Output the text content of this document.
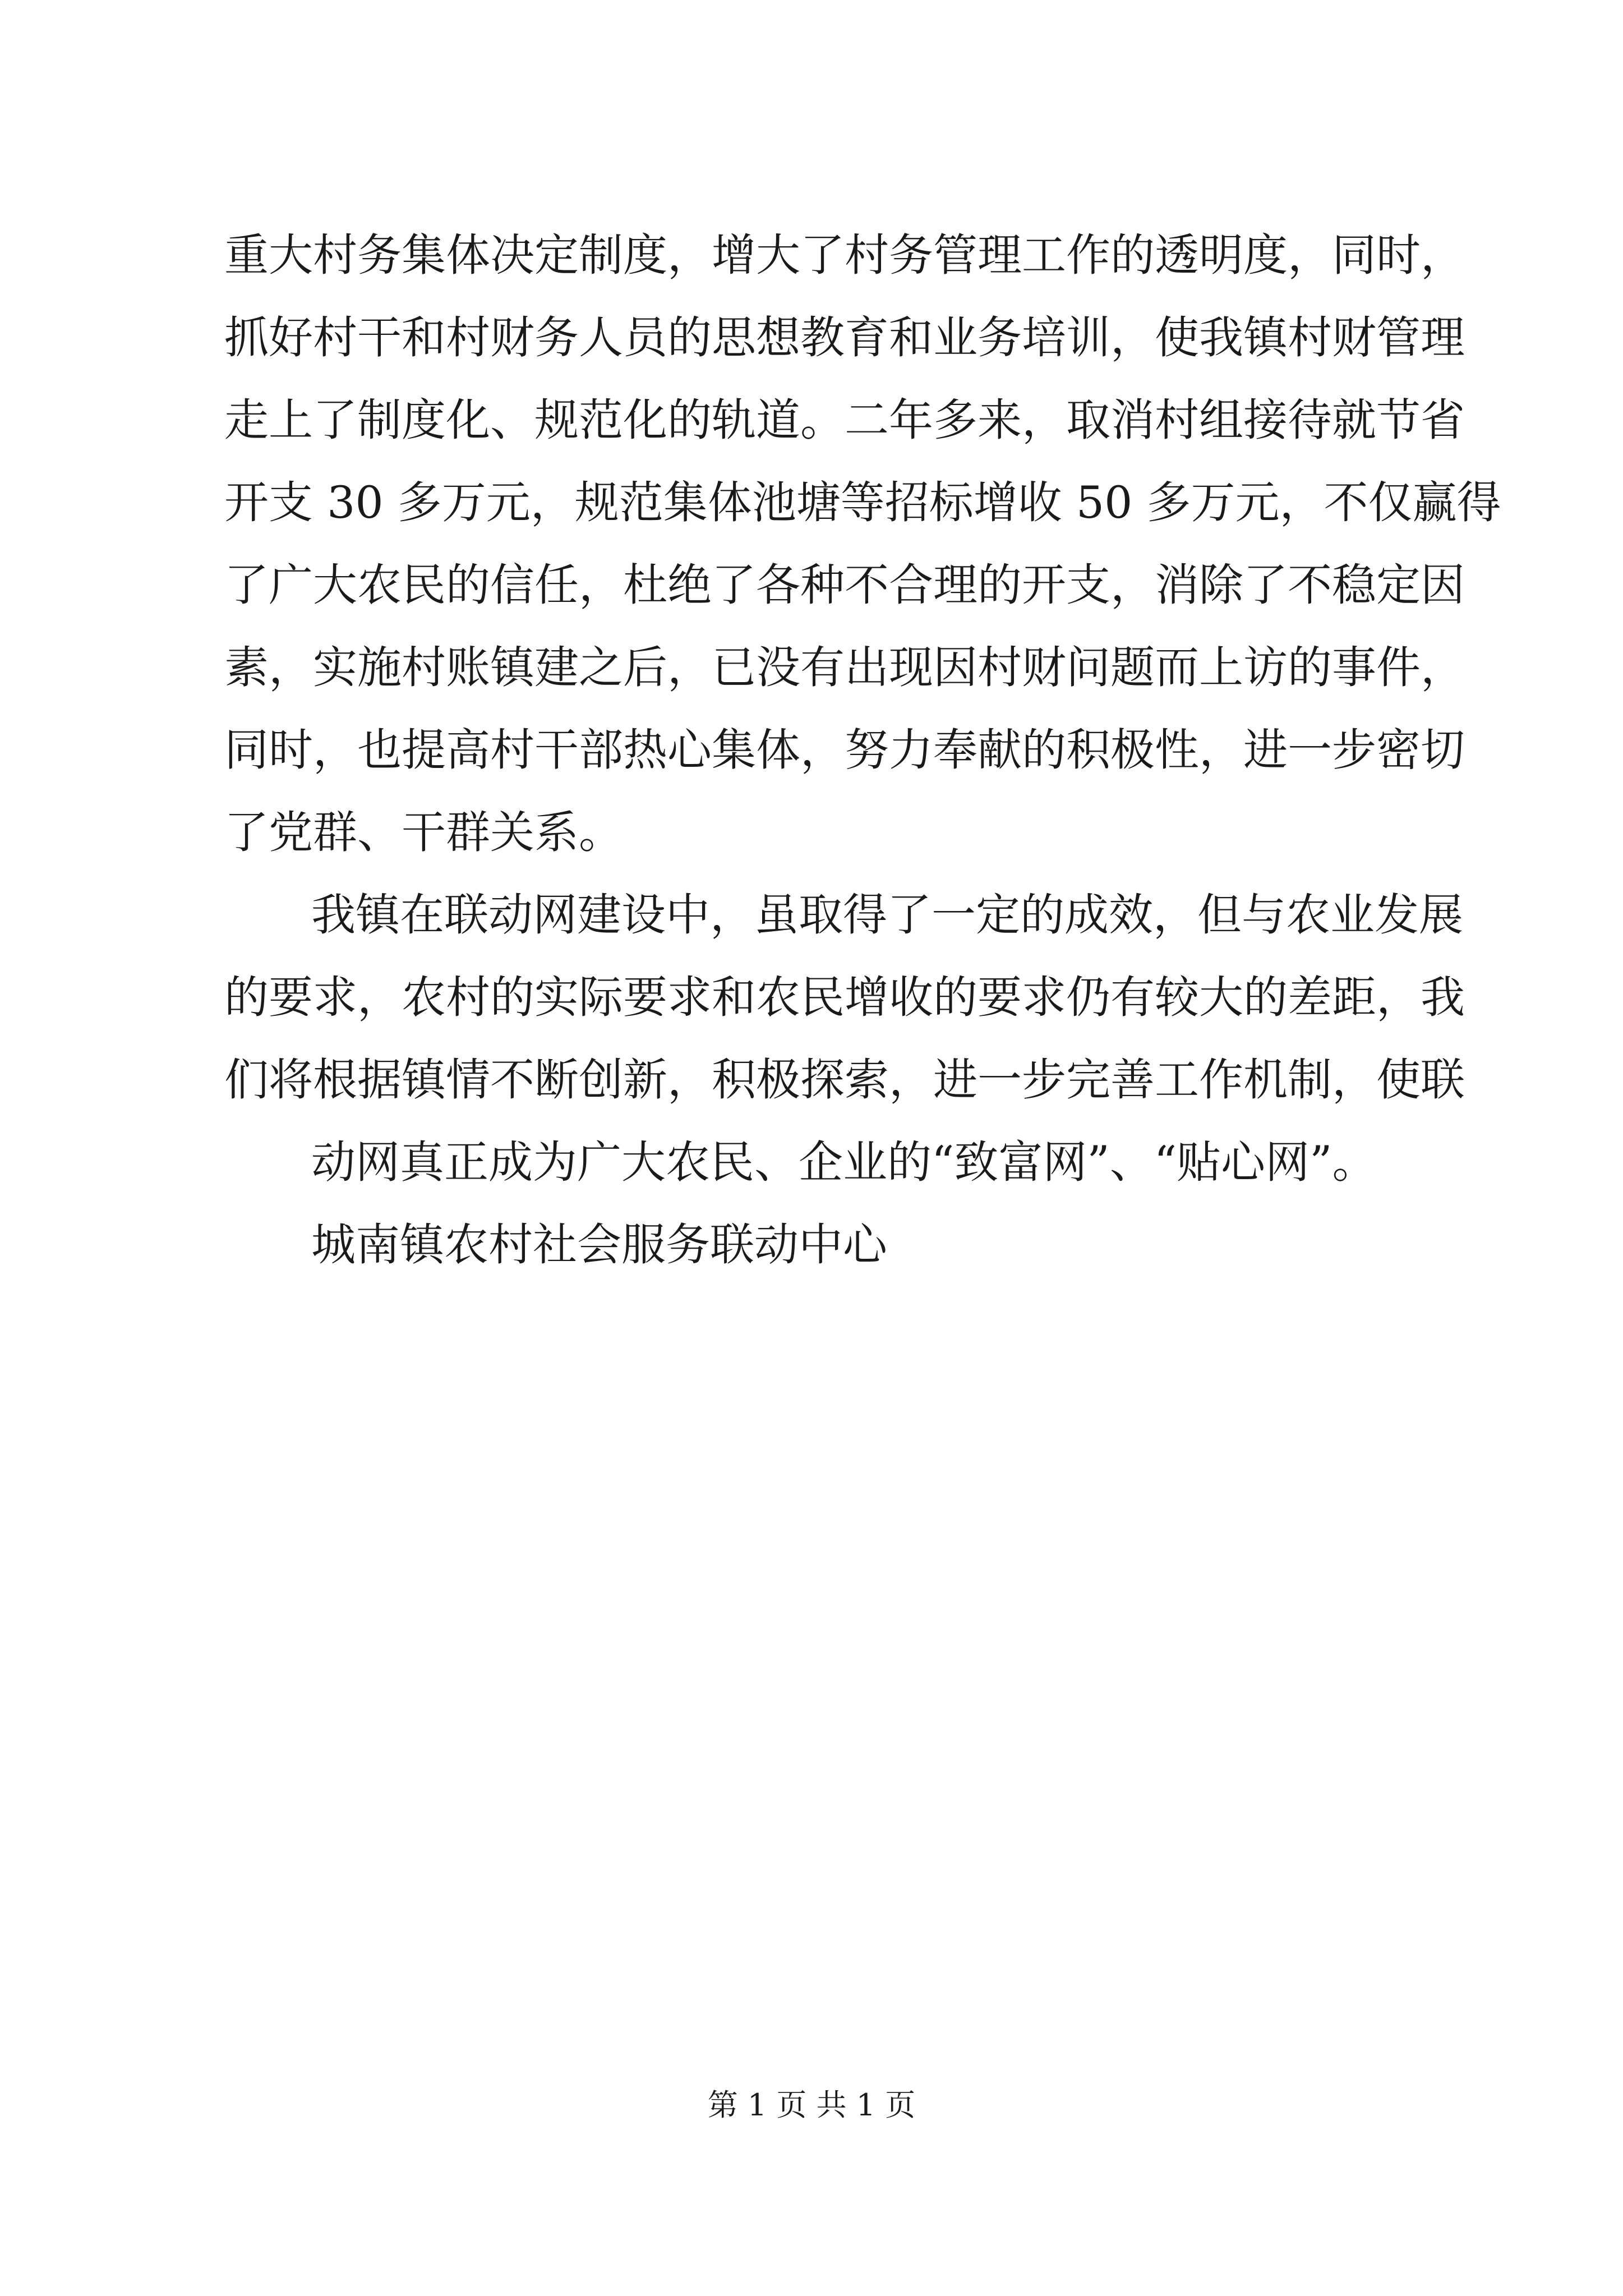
重大村务集体决定制度，增大了村务管理工作的透明度，同时，
抓好村干和村财务人员的思想教育和业务培训，使我镇村财管理
走上了制度化、规范化的轨道。二年多来，取消村组接待就节省
开支 30 多万元，规范集体池塘等招标增收 50 多万元，不仅赢得
了广大农民的信任，杜绝了各种不合理的开支，消除了不稳定因
素，实施村账镇建之后，已没有出现因村财问题而上访的事件，
同时，也提高村干部热心集体，努力奉献的积极性，进一步密切
了党群、干群关系。
我镇在联动网建设中，虽取得了一定的成效，但与农业发展
的要求，农村的实际要求和农民增收的要求仍有较大的差距，我
们将根据镇情不断创新，积极探索，进一步完善工作机制，使联
动网真正成为广大农民、企业的“致富网”、“贴心网”。
城南镇农村社会服务联动中心
第 1 页 共 1 页
